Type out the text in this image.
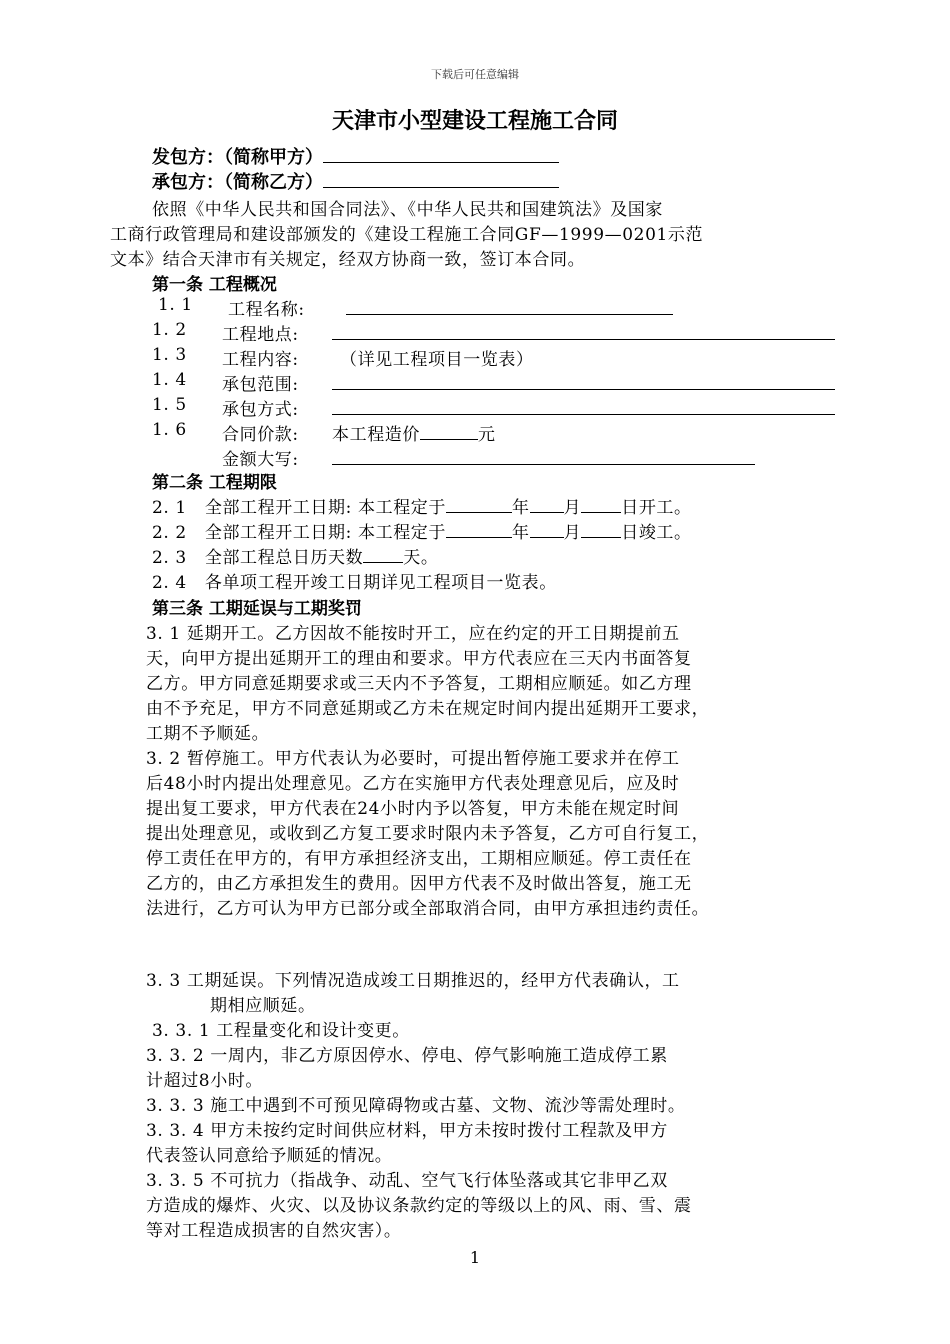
下载后可任意编辑
天津市小型建设工程施工合同
发包方：（简称甲方）
承包方：（简称乙方）
依照《中华人民共和国合同法》、《中华人民共和国建筑法》及国家
工商行政管理局和建设部颁发的《建设工程施工合同GF—1999—0201示范
文本》结合天津市有关规定，经双方协商一致，签订本合同。
第一条 工程概况
1. 1 工程名称:
1. 2 工程地点:
1. 3 工程内容: （详见工程项目一览表）
1. 4 承包范围:
1. 5 承包方式:
1. 6 合同价款: 本工程造价	元
金额大写:
第二条 工程期限
2. 1 全部工程开工日期: 本工程定于	年 月 日开工。
2. 2 全部工程开工日期: 本工程定于	年 月 日竣工。
2. 3 全部工程总日历天数 天。
2. 4 各单项工程开竣工日期详见工程项目一览表。
第三条 工期延误与工期奖罚
3. 1 延期开工。乙方因故不能按时开工，应在约定的开工日期提前五
天，向甲方提出延期开工的理由和要求。甲方代表应在三天内书面答复
乙方。甲方同意延期要求或三天内不予答复，工期相应顺延。如乙方理
由不予充足，甲方不同意延期或乙方未在规定时间内提出延期开工要求，
工期不予顺延。
3. 2 暂停施工。甲方代表认为必要时，可提出暂停施工要求并在停工
后48小时内提出处理意见。乙方在实施甲方代表处理意见后，应及时
提出复工要求，甲方代表在24小时内予以答复，甲方未能在规定时间
提出处理意见，或收到乙方复工要求时限内未予答复，乙方可自行复工，
停工责任在甲方的，有甲方承担经济支出，工期相应顺延。停工责任在
乙方的，由乙方承担发生的费用。因甲方代表不及时做出答复，施工无
法进行，乙方可认为甲方已部分或全部取消合同，由甲方承担违约责任。
3. 3 工期延误。下列情况造成竣工日期推迟的，经甲方代表确认，工
期相应顺延。
3. 3. 1 工程量变化和设计变更。
3. 3. 2 一周内，非乙方原因停水、停电、停气影响施工造成停工累
计超过8小时。
3. 3. 3 施工中遇到不可预见障碍物或古墓、文物、流沙等需处理时。
3. 3. 4 甲方未按约定时间供应材料，甲方未按时拨付工程款及甲方
代表签认同意给予顺延的情况。
3. 3. 5 不可抗力（指战争、动乱、空气飞行体坠落或其它非甲乙双
方造成的爆炸、火灾、以及协议条款约定的等级以上的风、雨、雪、震
等对工程造成损害的自然灾害）。
1
